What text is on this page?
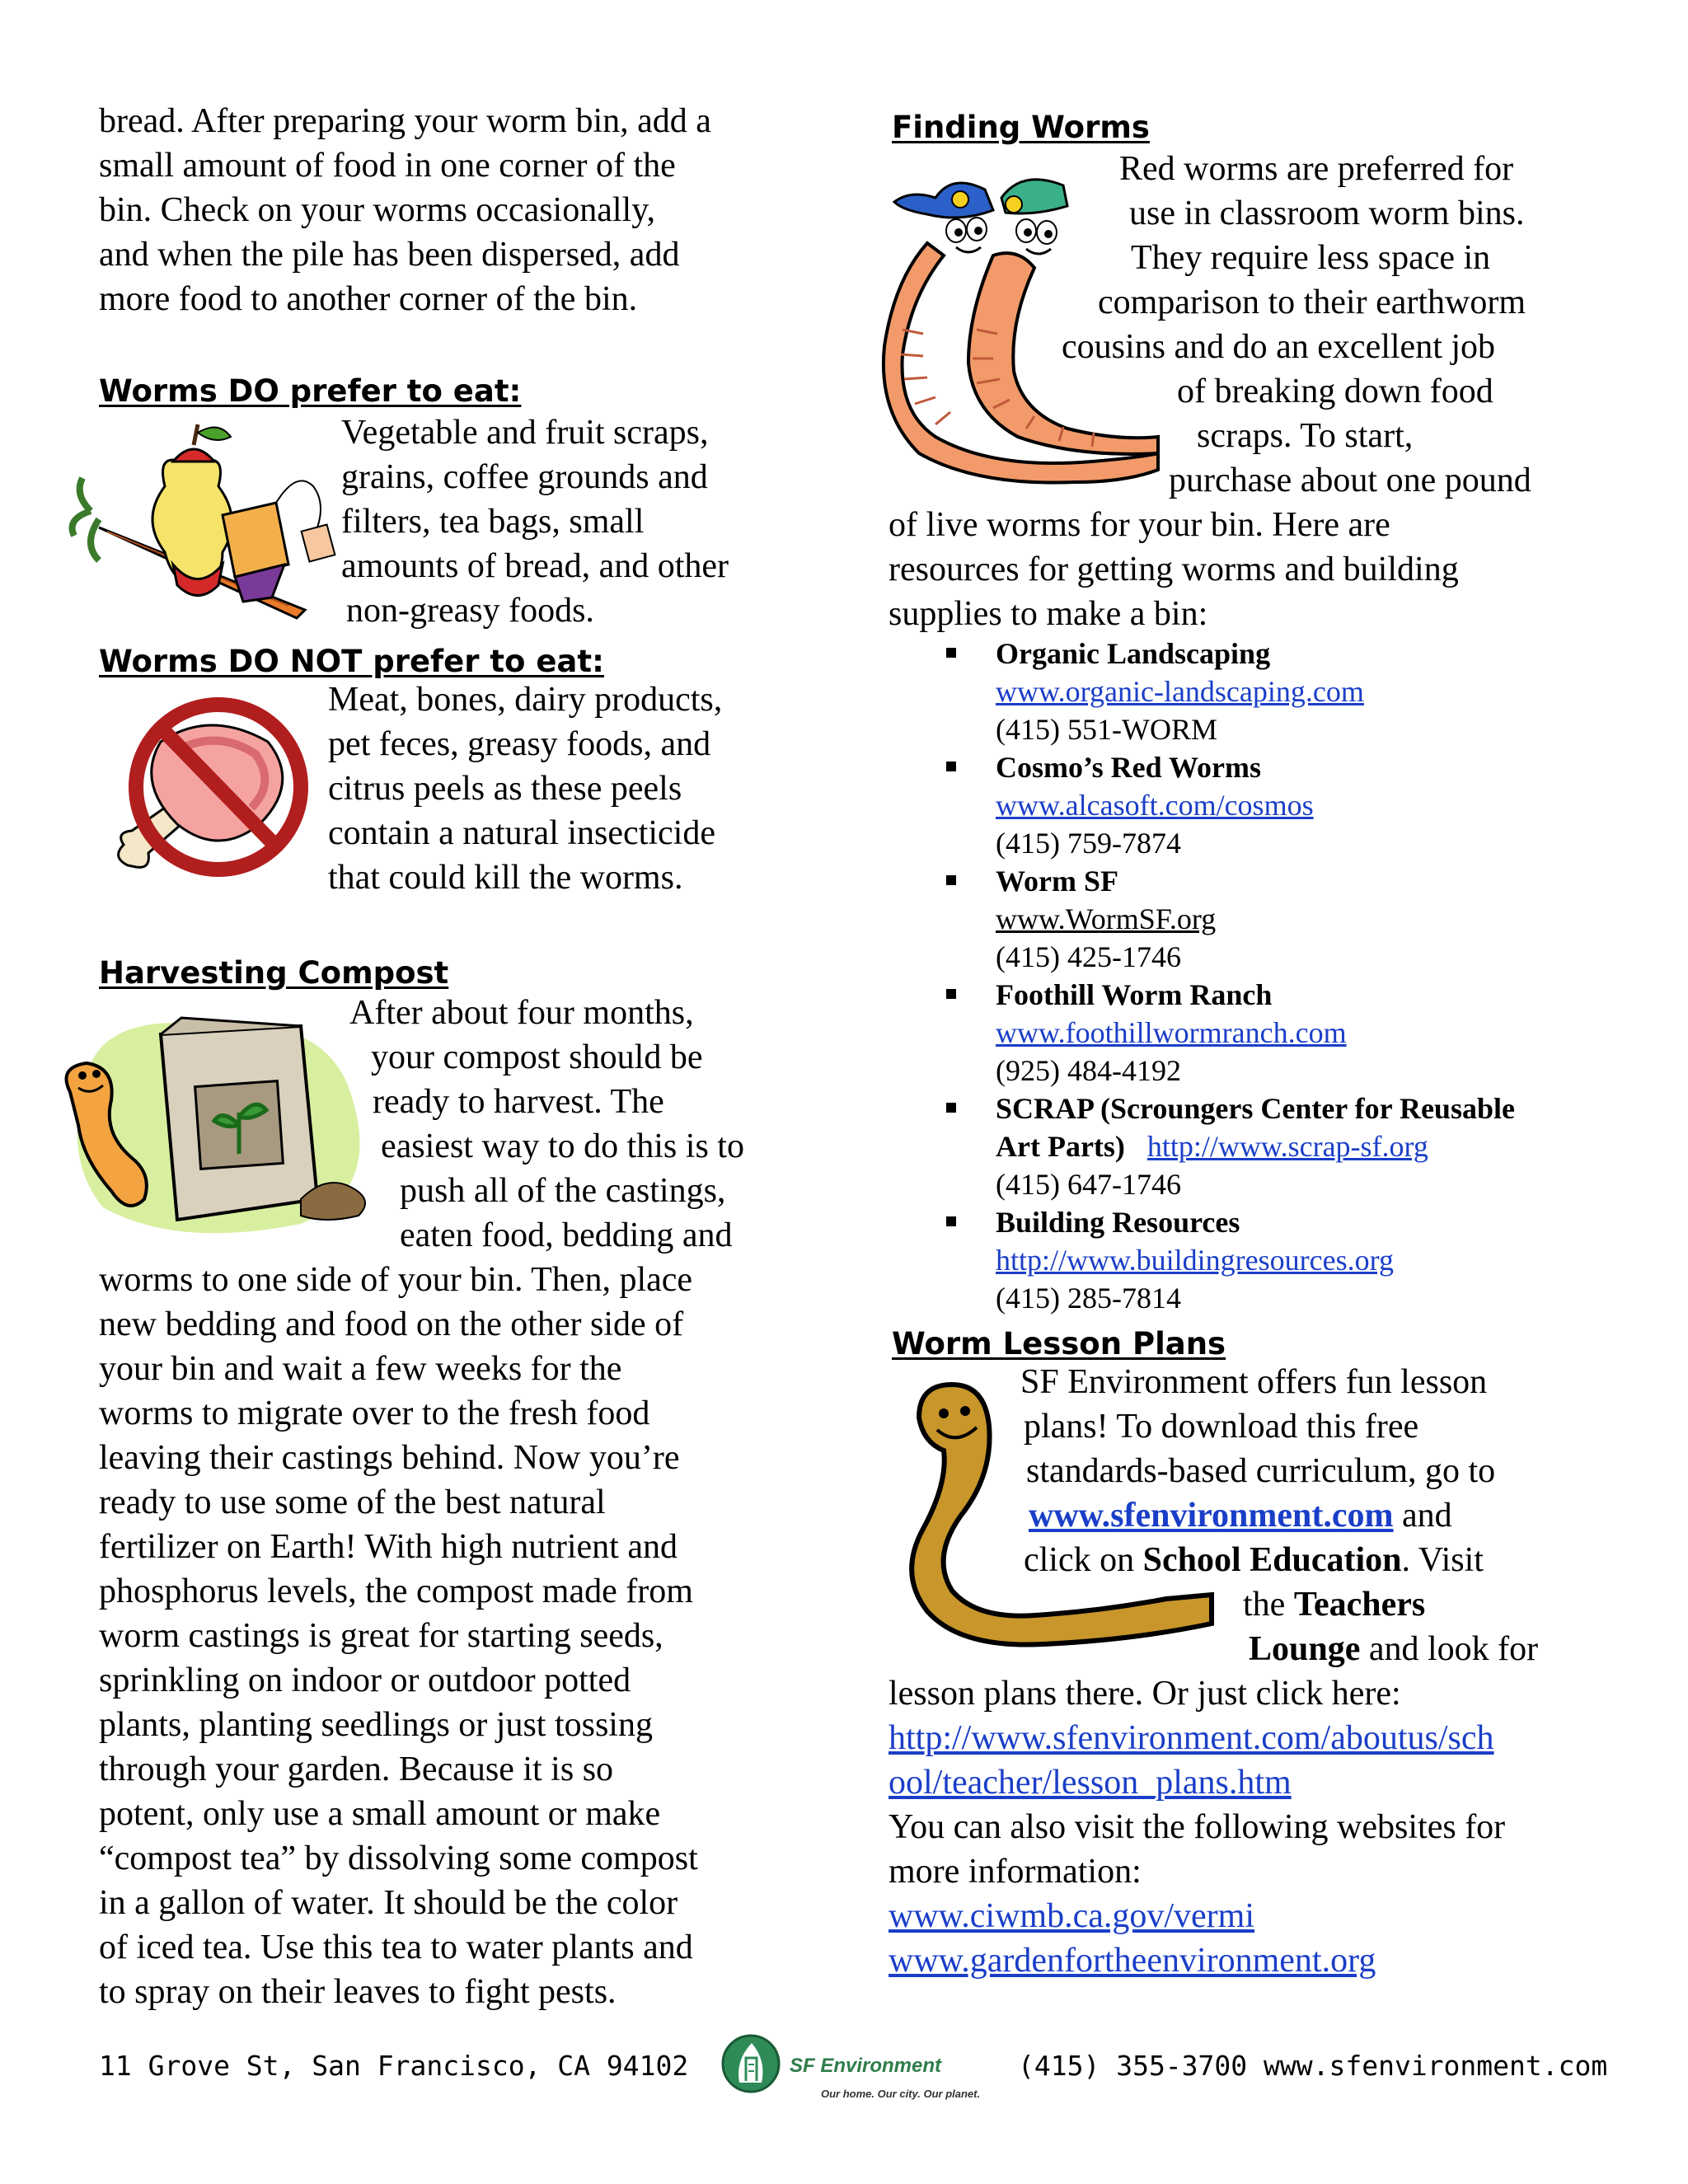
bread. After preparing your worm bin, add a
small amount of food in one corner of the
bin. Check on your worms occasionally,
and when the pile has been dispersed, add
more food to another corner of the bin.
Worms DO prefer to eat:
Vegetable and fruit scraps,
grains, coffee grounds and
filters, tea bags, small
amounts of bread, and other
non-greasy foods.
Worms DO NOT prefer to eat:
Meat, bones, dairy products,
pet feces, greasy foods, and
citrus peels as these peels
contain a natural insecticide
that could kill the worms.
Harvesting Compost
After about four months,
your compost should be
ready to harvest. The
easiest way to do this is to
push all of the castings,
eaten food, bedding and
worms to one side of your bin. Then, place
new bedding and food on the other side of
your bin and wait a few weeks for the
worms to migrate over to the fresh food
leaving their castings behind. Now you’re
ready to use some of the best natural
fertilizer on Earth! With high nutrient and
phosphorus levels, the compost made from
worm castings is great for starting seeds,
sprinkling on indoor or outdoor potted
plants, planting seedlings or just tossing
through your garden. Because it is so
potent, only use a small amount or make
“compost tea” by dissolving some compost
in a gallon of water. It should be the color
of iced tea. Use this tea to water plants and
to spray on their leaves to fight pests.
Finding Worms
Red worms are preferred for
use in classroom worm bins.
They require less space in
comparison to their earthworm
cousins and do an excellent job
of breaking down food
scraps. To start,
purchase about one pound
of live worms for your bin. Here are
resources for getting worms and building
supplies to make a bin:
Organic Landscaping
www.organic-landscaping.com
(415) 551-WORM
Cosmo’s Red Worms
www.alcasoft.com/cosmos
(415) 759-7874
Worm SF
www.WormSF.org
(415) 425-1746
Foothill Worm Ranch
www.foothillwormranch.com
(925) 484-4192
SCRAP (Scroungers Center for Reusable
Art Parts) http://www.scrap-sf.org
(415) 647-1746
Building Resources
http://www.buildingresources.org
(415) 285-7814
Worm Lesson Plans
SF Environment offers fun lesson
plans! To download this free
standards-based curriculum, go to
www.sfenvironment.com and
click on School Education. Visit
the Teachers
Lounge and look for
lesson plans there. Or just click here:
http://www.sfenvironment.com/aboutus/sch
ool/teacher/lesson_plans.htm
You can also visit the following websites for
more information:
www.ciwmb.ca.gov/vermi
www.gardenfortheenvironment.org
11 Grove St, San Francisco, CA 94102	SF Environment
Our home. Our city. Our planet.
(415) 355-3700 www.sfenvironment.com
